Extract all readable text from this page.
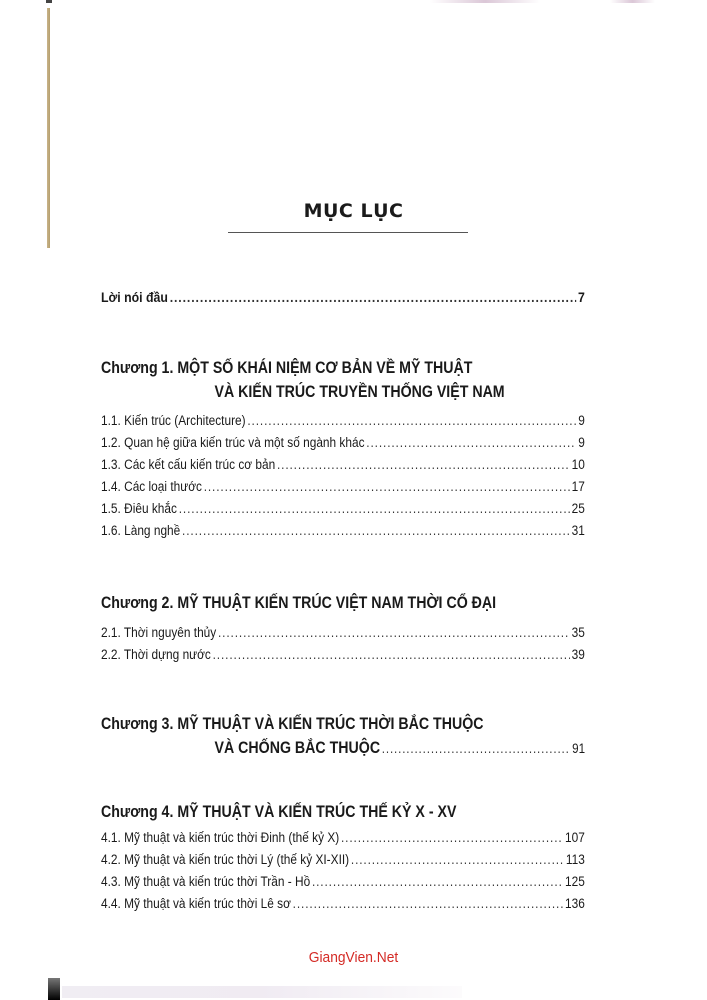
MỤC LỤC
Lời nói đầu .....	7
Chương 1. MỘT SỐ KHÁI NIỆM CƠ BẢN VỀ MỸ THUẬT
VÀ KIẾN TRÚC TRUYỀN THỐNG VIỆT NAM
1.1. Kiến trúc (Architecture) .....	9
1.2. Quan hệ giữa kiến trúc và một số ngành khác .....	9
1.3. Các kết cấu kiến trúc cơ bản .....	10
1.4. Các loại thước .....	17
1.5. Điêu khắc .....	25
1.6. Làng nghề .....	31
Chương 2. MỸ THUẬT KIẾN TRÚC VIỆT NAM THỜI CỔ ĐẠI
2.1. Thời nguyên thủy .....	35
2.2. Thời dựng nước .....	39
Chương 3. MỸ THUẬT VÀ KIẾN TRÚC THỜI BẮC THUỘC
VÀ CHỐNG BẮC THUỘC .....	91
Chương 4. MỸ THUẬT VÀ KIẾN TRÚC THẾ KỶ X - XV
4.1. Mỹ thuật và kiến trúc thời Đinh (thế kỷ X) .....	107
4.2. Mỹ thuật và kiến trúc thời Lý (thế kỷ XI-XII) .....	113
4.3. Mỹ thuật và kiến trúc thời Trần - Hồ .....	125
4.4. Mỹ thuật và kiến trúc thời Lê sơ .....	136
GiangVien.Net
